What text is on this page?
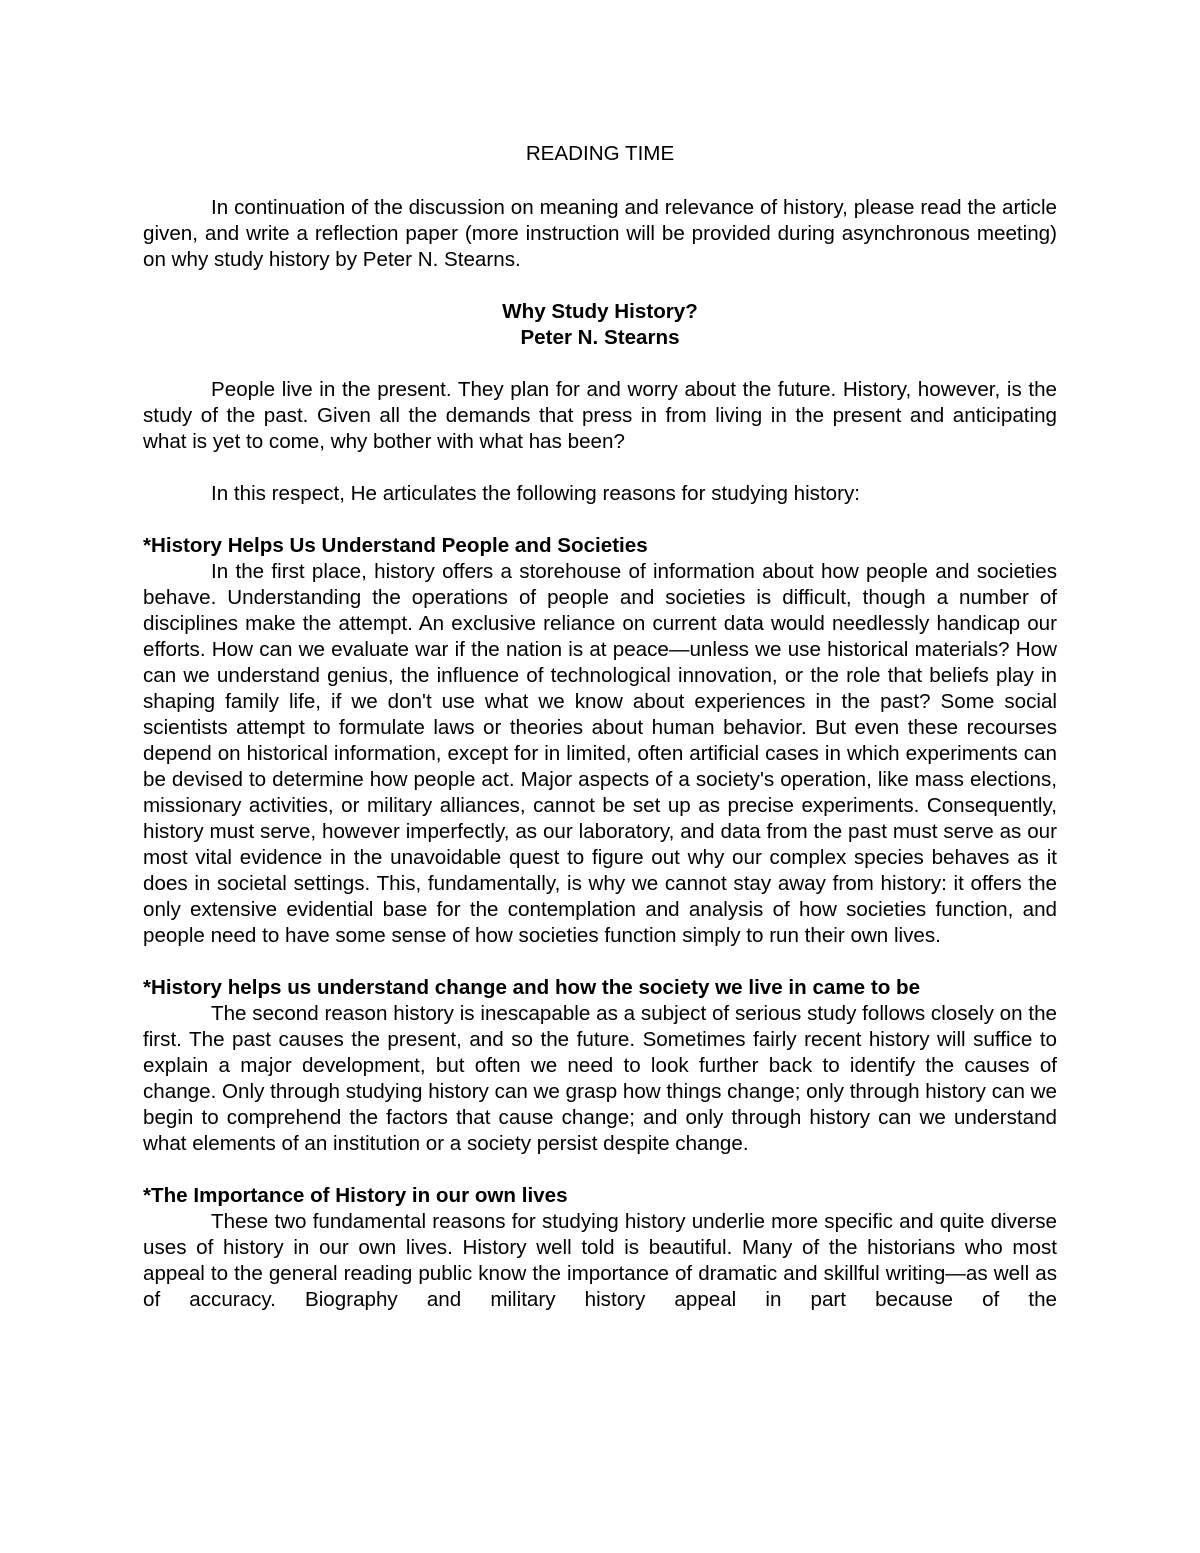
READING TIME

In continuation of the discussion on meaning and relevance of history, please read the article given, and write a reflection paper (more instruction will be provided during asynchronous meeting) on why study history by Peter N. Stearns.

Why Study History?

Peter N. Stearns

People live in the present. They plan for and worry about the future. History, however, is the study of the past. Given all the demands that press in from living in the present and anticipating what is yet to come, why bother with what has been?

In this respect, He articulates the following reasons for studying history:

*History Helps Us Understand People and Societies

In the first place, history offers a storehouse of information about how people and societies behave. Understanding the operations of people and societies is difficult, though a number of disciplines make the attempt. An exclusive reliance on current data would needlessly handicap our efforts. How can we evaluate war if the nation is at peace—unless we use historical materials? How can we understand genius, the influence of technological innovation, or the role that beliefs play in shaping family life, if we don't use what we know about experiences in the past? Some social scientists attempt to formulate laws or theories about human behavior. But even these recourses depend on historical information, except for in limited, often artificial cases in which experiments can be devised to determine how people act. Major aspects of a society's operation, like mass elections, missionary activities, or military alliances, cannot be set up as precise experiments. Consequently, history must serve, however imperfectly, as our laboratory, and data from the past must serve as our most vital evidence in the unavoidable quest to figure out why our complex species behaves as it does in societal settings. This, fundamentally, is why we cannot stay away from history: it offers the only extensive evidential base for the contemplation and analysis of how societies function, and people need to have some sense of how societies function simply to run their own lives.

*History helps us understand change and how the society we live in came to be

The second reason history is inescapable as a subject of serious study follows closely on the first. The past causes the present, and so the future. Sometimes fairly recent history will suffice to explain a major development, but often we need to look further back to identify the causes of change. Only through studying history can we grasp how things change; only through history can we begin to comprehend the factors that cause change; and only through history can we understand what elements of an institution or a society persist despite change.

*The Importance of History in our own lives

These two fundamental reasons for studying history underlie more specific and quite diverse uses of history in our own lives. History well told is beautiful. Many of the historians who most appeal to the general reading public know the importance of dramatic and skillful writing—as well as of accuracy. Biography and military history appeal in part because of the
